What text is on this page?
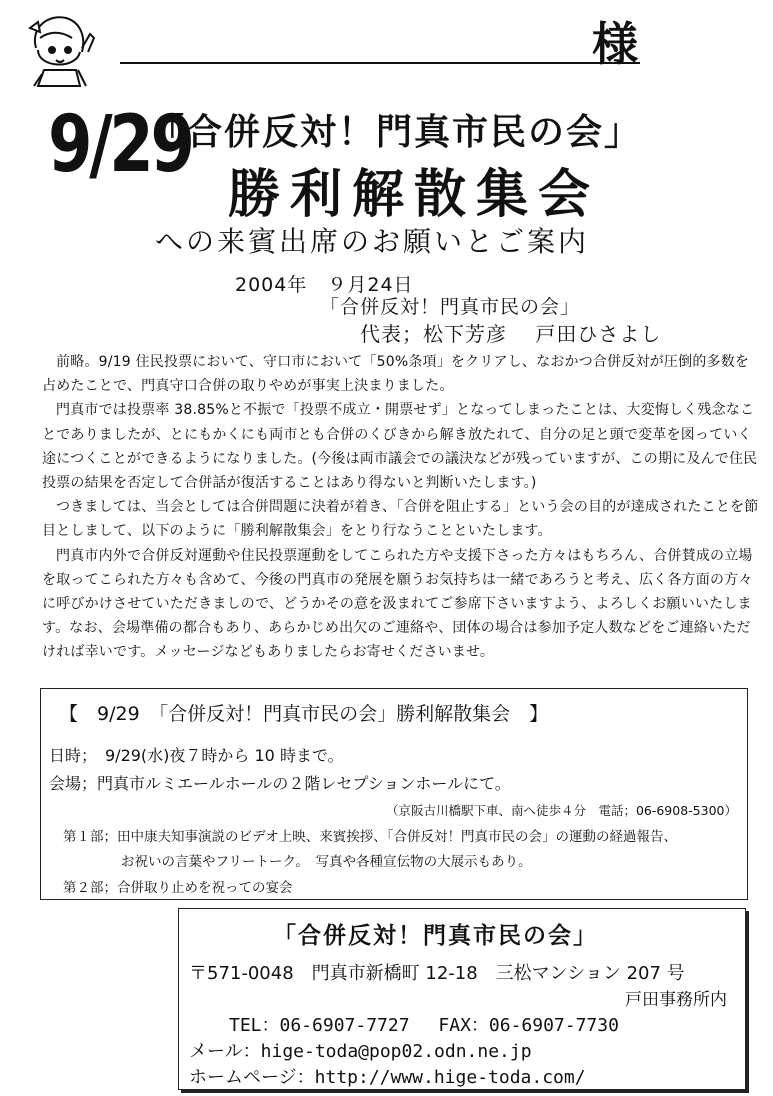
様
9/29
「合併反対！門真市民の会」
勝利解散集会
への来賓出席のお願いとご案内
2004年　９月24日
「合併反対！門真市民の会」
代表；松下芳彦　 戸田ひさよし

前略。9/19 住民投票において、守口市において「50%条項」をクリアし、なおかつ合併反対が圧倒的多数を占めたことで、門真守口合併の取りやめが事実上決まりました。

門真市では投票率 38.85%と不振で「投票不成立・開票せず」となってしまったことは、大変悔しく残念なことでありましたが、とにもかくにも両市とも合併のくびきから解き放たれて、自分の足と頭で変革を図っていく途につくことができるようになりました。(今後は両市議会での議決などが残っていますが、この期に及んで住民投票の結果を否定して合併話が復活することはあり得ないと判断いたします。)

つきましては、当会としては合併問題に決着が着き、「合併を阻止する」という会の目的が達成されたことを節目としまして、以下のように「勝利解散集会」をとり行なうことといたします。

門真市内外で合併反対運動や住民投票運動をしてこられた方や支援下さった方々はもちろん、合併賛成の立場を取ってこられた方々も含めて、今後の門真市の発展を願うお気持ちは一緒であろうと考え、広く各方面の方々に呼びかけさせていただきましので、どうかその意を汲まれてご参席下さいますよう、よろしくお願いいたします。なお、会場準備の都合もあり、あらかじめ出欠のご連絡や、団体の場合は参加予定人数などをご連絡いただければ幸いです。メッセージなどもありましたらお寄せくださいませ。

【　9/29　「合併反対！門真市民の会」勝利解散集会　】
日時；　9/29(水)夜７時から 10 時まで。
会場；門真市ルミエールホールの２階レセプションホールにて。
（京阪古川橋駅下車、南へ徒歩４分　電話；06-6908-5300）
第１部；田中康夫知事演説のビデオ上映、来賓挨拶、「合併反対！門真市民の会」の運動の経過報告、
お祝いの言葉やフリートーク。　写真や各種宣伝物の大展示もあり。
第２部；合併取り止めを祝っての宴会
「合併反対！門真市民の会」
〒571-0048　門真市新橋町 12-18　三松マンション 207 号
戸田事務所内
TEL：06-6907-7727　 FAX：06-6907-7730
メール：hige-toda@pop02.odn.ne.jp
ホームページ：http://www.hige-toda.com/
